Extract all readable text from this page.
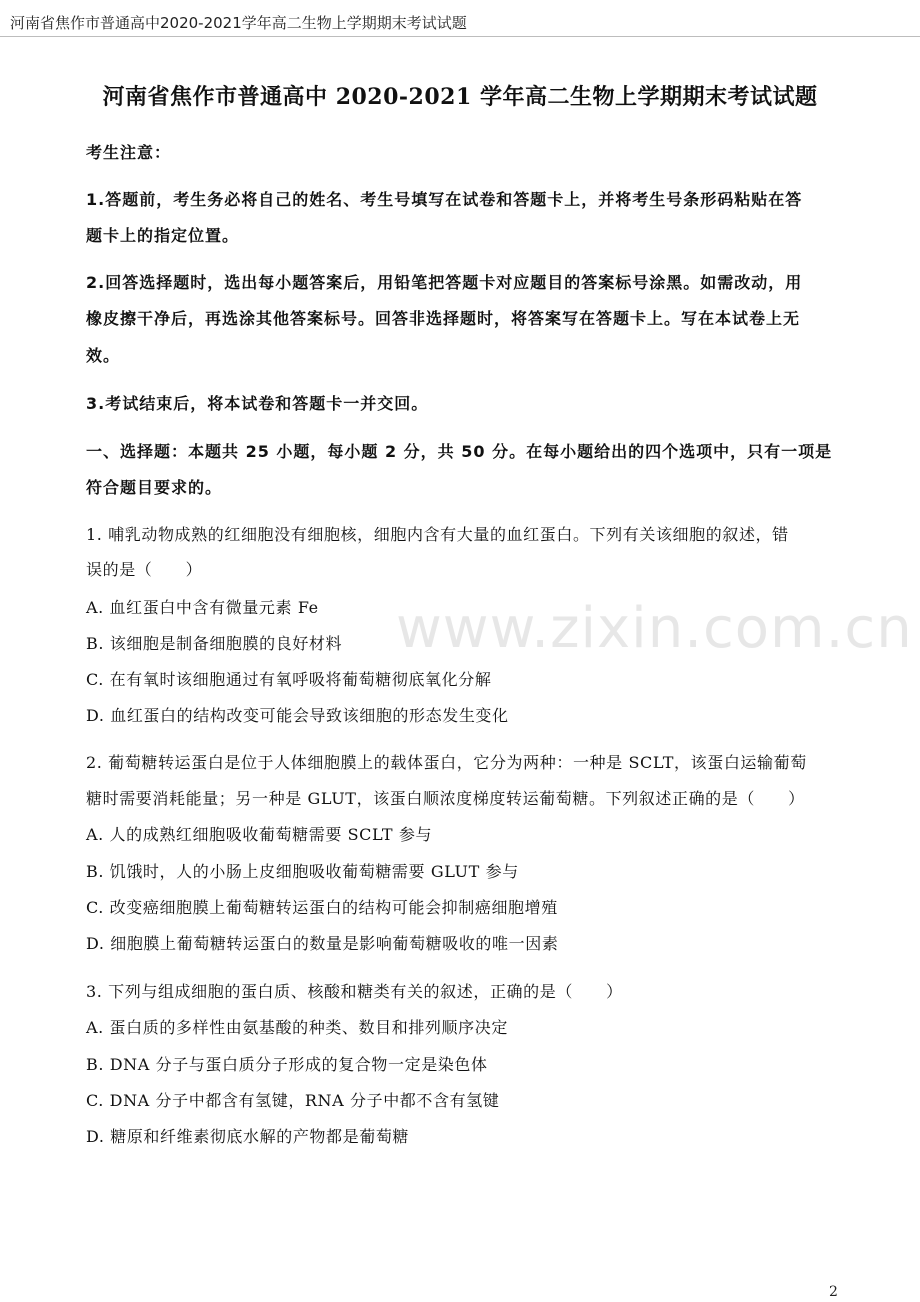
河南省焦作市普通高中2020-2021学年高二生物上学期期末考试试题
河南省焦作市普通高中 2020-2021 学年高二生物上学期期末考试试题
考生注意：
1.答题前，考生务必将自己的姓名、考生号填写在试卷和答题卡上，并将考生号条形码粘贴在答
题卡上的指定位置。
2.回答选择题时，选出每小题答案后，用铅笔把答题卡对应题目的答案标号涂黑。如需改动，用
橡皮擦干净后，再选涂其他答案标号。回答非选择题时，将答案写在答题卡上。写在本试卷上无
效。
3.考试结束后，将本试卷和答题卡一并交回。
一、选择题：本题共 25 小题，每小题 2 分，共 50 分。在每小题给出的四个选项中，只有一项是
符合题目要求的。
1. 哺乳动物成熟的红细胞没有细胞核，细胞内含有大量的血红蛋白。下列有关该细胞的叙述，错
误的是（　　）
A. 血红蛋白中含有微量元素 Fe
B. 该细胞是制备细胞膜的良好材料
C. 在有氧时该细胞通过有氧呼吸将葡萄糖彻底氧化分解
D. 血红蛋白的结构改变可能会导致该细胞的形态发生变化
2. 葡萄糖转运蛋白是位于人体细胞膜上的载体蛋白，它分为两种：一种是 SCLT，该蛋白运输葡萄
糖时需要消耗能量；另一种是 GLUT，该蛋白顺浓度梯度转运葡萄糖。下列叙述正确的是（　　）
A. 人的成熟红细胞吸收葡萄糖需要 SCLT 参与
B. 饥饿时，人的小肠上皮细胞吸收葡萄糖需要 GLUT 参与
C. 改变癌细胞膜上葡萄糖转运蛋白的结构可能会抑制癌细胞增殖
D. 细胞膜上葡萄糖转运蛋白的数量是影响葡萄糖吸收的唯一因素
3. 下列与组成细胞的蛋白质、核酸和糖类有关的叙述，正确的是（　　）
A. 蛋白质的多样性由氨基酸的种类、数目和排列顺序决定
B. DNA 分子与蛋白质分子形成的复合物一定是染色体
C. DNA 分子中都含有氢键，RNA 分子中都不含有氢键
D. 糖原和纤维素彻底水解的产物都是葡萄糖
www.zixin.com.cn
2
